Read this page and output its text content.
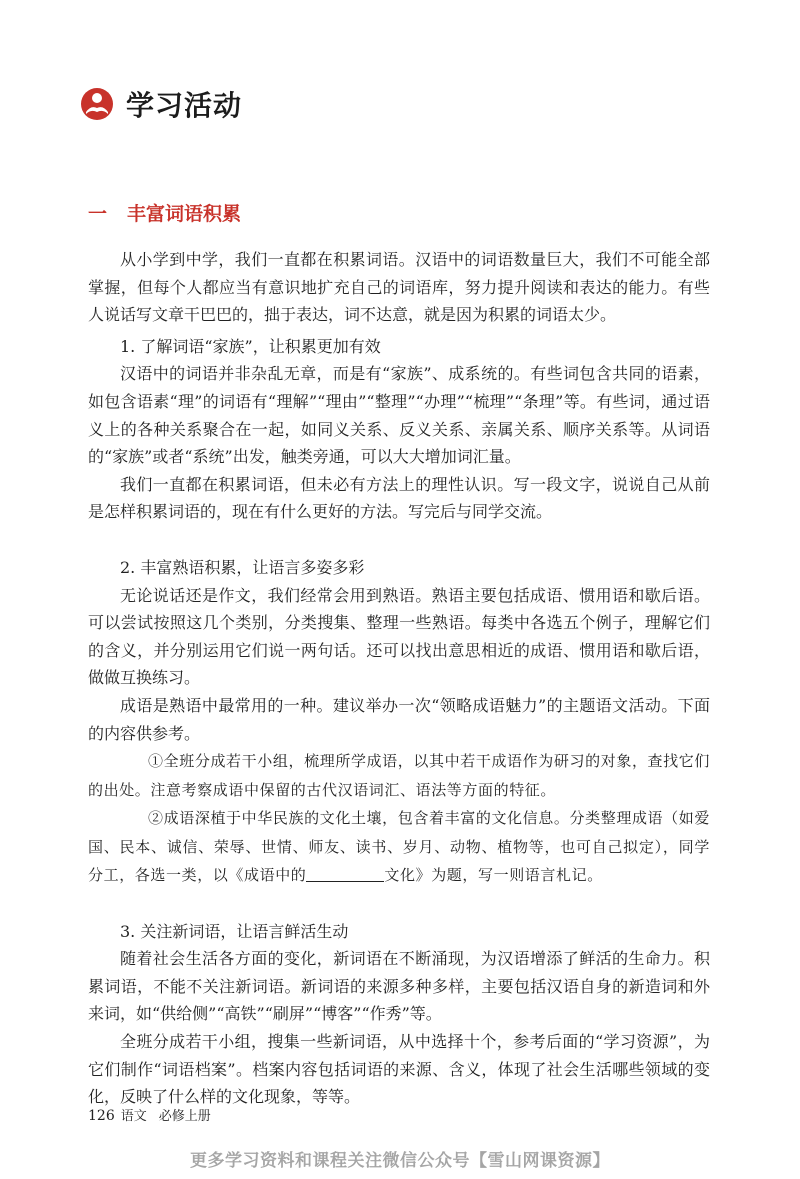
学习活动
一 丰富词语积累

从小学到中学，我们一直都在积累词语。汉语中的词语数量巨大，我们不可能全部掌握，但每个人都应当有意识地扩充自己的词语库，努力提升阅读和表达的能力。有些人说话写文章干巴巴的，拙于表达，词不达意，就是因为积累的词语太少。

1. 了解词语“家族”，让积累更加有效

汉语中的词语并非杂乱无章，而是有“家族”、成系统的。有些词包含共同的语素，如包含语素“理”的词语有“理解”“理由”“整理”“办理”“梳理”“条理”等。有些词，通过语义上的各种关系聚合在一起，如同义关系、反义关系、亲属关系、顺序关系等。从词语的“家族”或者“系统”出发，触类旁通，可以大大增加词汇量。

我们一直都在积累词语，但未必有方法上的理性认识。写一段文字，说说自己从前是怎样积累词语的，现在有什么更好的方法。写完后与同学交流。

2. 丰富熟语积累，让语言多姿多彩

无论说话还是作文，我们经常会用到熟语。熟语主要包括成语、惯用语和歇后语。可以尝试按照这几个类别，分类搜集、整理一些熟语。每类中各选五个例子，理解它们的含义，并分别运用它们说一两句话。还可以找出意思相近的成语、惯用语和歇后语，做做互换练习。

成语是熟语中最常用的一种。建议举办一次“领略成语魅力”的主题语文活动。下面的内容供参考。

①全班分成若干小组，梳理所学成语，以其中若干成语作为研习的对象，查找它们的出处。注意考察成语中保留的古代汉语词汇、语法等方面的特征。

②成语深植于中华民族的文化土壤，包含着丰富的文化信息。分类整理成语（如爱国、民本、诚信、荣辱、世情、师友、读书、岁月、动物、植物等，也可自己拟定），同学分工，各选一类，以《成语中的	文化》为题，写一则语言札记。

3. 关注新词语，让语言鲜活生动

随着社会生活各方面的变化，新词语在不断涌现，为汉语增添了鲜活的生命力。积累词语，不能不关注新词语。新词语的来源多种多样，主要包括汉语自身的新造词和外来词，如“供给侧”“高铁”“刷屏”“博客”“作秀”等。

全班分成若干小组，搜集一些新词语，从中选择十个，参考后面的“学习资源”，为它们制作“词语档案”。档案内容包括词语的来源、含义，体现了社会生活哪些领域的变化，反映了什么样的文化现象，等等。

126 语文 必修上册
更多学习资料和课程关注微信公众号【雪山网课资源】
